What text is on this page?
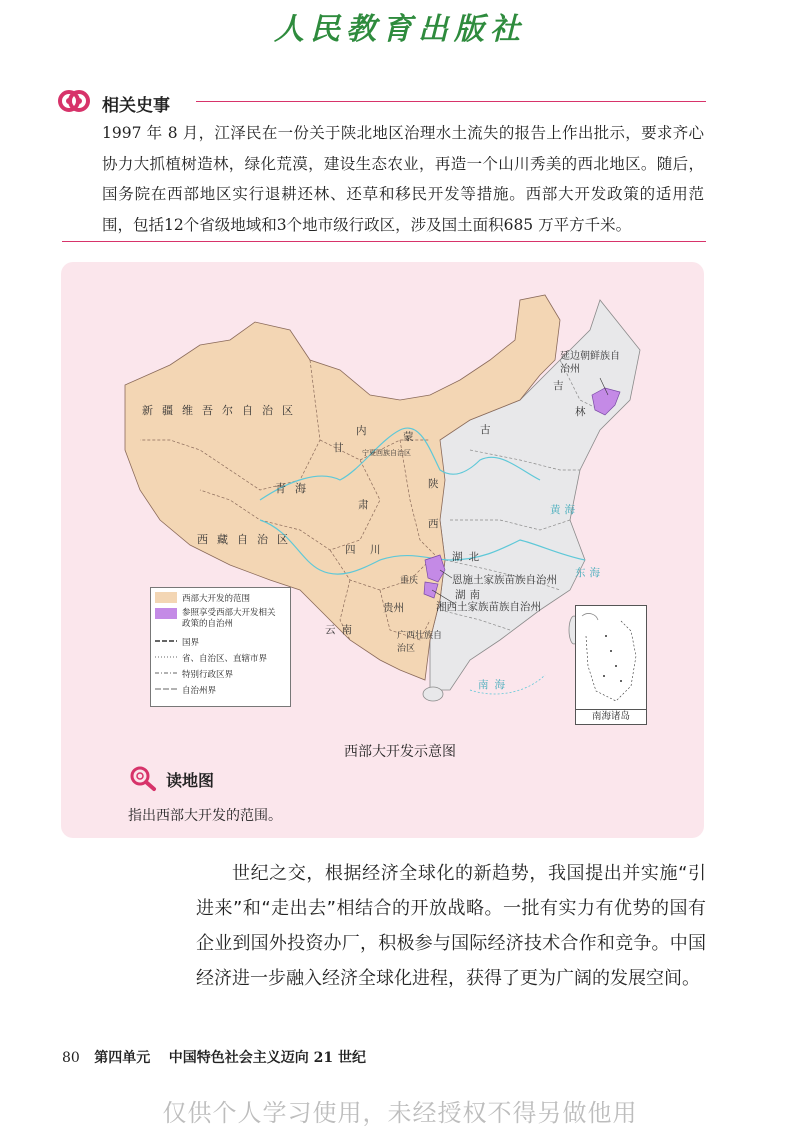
人民教育出版社
相关史事

1997 年 8 月，江泽民在一份关于陕北地区治理水土流失的报告上作出批示，要求齐心协力大抓植树造林，绿化荒漠，建设生态农业，再造一个山川秀美的西北地区。随后，国务院在西部地区实行退耕还林、还草和移民开发等措施。西部大开发政策的适用范围，包括12个省级地域和3个地市级行政区，涉及国土面积685 万平方千米。

新疆维吾尔自治区
西藏自治区
青海
甘
肃
内	蒙
古
宁夏回族自治区
陕
西
四　川
贵州
云南	广西壮族自治区
重庆
吉
林
湖北
湖南
延边朝鲜族自治州
恩施土家族苗族自治州
湘西土家族苗族自治州
黄海
东海
南海
西部大开发的范围
参照享受西部大开发相关政策的自治州
国界
省、自治区、直辖市界
特别行政区界
自治州界
南海诸岛
西部大开发示意图
读地图
指出西部大开发的范围。

世纪之交，根据经济全球化的新趋势，我国提出并实施“引进来”和“走出去”相结合的开放战略。一批有实力有优势的国有企业到国外投资办厂，积极参与国际经济技术合作和竞争。中国经济进一步融入经济全球化进程，获得了更为广阔的发展空间。

80 第四单元 中国特色社会主义迈向 21 世纪
仅供个人学习使用，未经授权不得另做他用
